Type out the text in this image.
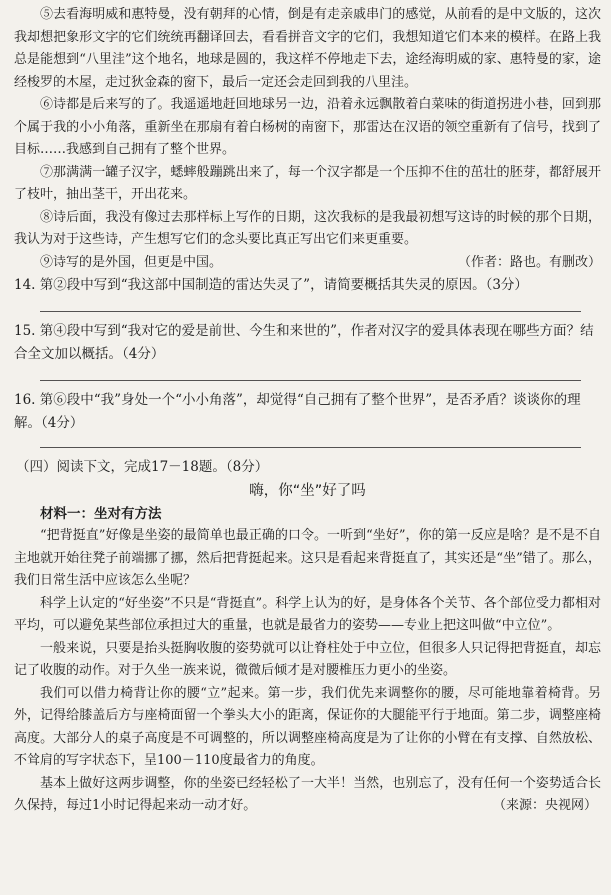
⑤去看海明威和惠特曼，没有朝拜的心情，倒是有走亲戚串门的感觉，从前看的是中文版的，这次我却想把象形文字的它们统统再翻译回去，看看拼音文字的它们，我想知道它们本来的模样。在路上我总是能想到“八里洼”这个地名，地球是圆的，我这样不停地走下去，途经海明威的家、惠特曼的家，途经梭罗的木屋，走过狄金森的窗下，最后一定还会走回到我的八里洼。

⑥诗都是后来写的了。我遥遥地赶回地球另一边，沿着永远飘散着白菜味的街道拐进小巷，回到那个属于我的小小角落，重新坐在那扇有着白杨树的南窗下，那雷达在汉语的领空重新有了信号，找到了目标……我感到自己拥有了整个世界。

⑦那满满一罐子汉字，蟋蟀般蹦跳出来了，每一个汉字都是一个压抑不住的茁壮的胚芽，都舒展开了枝叶，抽出茎干，开出花来。

⑧诗后面，我没有像过去那样标上写作的日期，这次我标的是我最初想写这诗的时候的那个日期，我认为对于这些诗，产生想写它们的念头要比真正写出它们来更重要。

⑨诗写的是外国，但更是中国。	（作者：路也。有删改）

14. 第②段中写到“我这部中国制造的雷达失灵了”，请简要概括其失灵的原因。（3分）

15. 第④段中写到“我对它的爱是前世、今生和来世的”，作者对汉字的爱具体表现在哪些方面？结合全文加以概括。（4分）

16. 第⑥段中“我”身处一个“小小角落”，却觉得“自己拥有了整个世界”，是否矛盾？谈谈你的理解。（4分）

（四）阅读下文，完成17－18题。（8分）

嗨，你“坐”好了吗

材料一：坐对有方法

“把背挺直”好像是坐姿的最简单也最正确的口令。一听到“坐好”，你的第一反应是啥？是不是不自主地就开始往凳子前端挪了挪，然后把背挺起来。这只是看起来背挺直了，其实还是“坐”错了。那么，我们日常生活中应该怎么坐呢？

科学上认定的“好坐姿”不只是“背挺直”。科学上认为的好，是身体各个关节、各个部位受力都相对平均，可以避免某些部位承担过大的重量，也就是最省力的姿势——专业上把这叫做“中立位”。

一般来说，只要是抬头挺胸收腹的姿势就可以让脊柱处于中立位，但很多人只记得把背挺直，却忘记了收腹的动作。对于久坐一族来说，微微后倾才是对腰椎压力更小的坐姿。

我们可以借力椅背让你的腰“立”起来。第一步，我们优先来调整你的腰，尽可能地靠着椅背。另外，记得给膝盖后方与座椅面留一个拳头大小的距离，保证你的大腿能平行于地面。第二步，调整座椅高度。大部分人的桌子高度是不可调整的，所以调整座椅高度是为了让你的小臂在有支撑、自然放松、不耸肩的写字状态下，呈100－110度最省力的角度。

基本上做好这两步调整，你的坐姿已经轻松了一大半！当然，也别忘了，没有任何一个姿势适合长久保持，每过1小时记得起来动一动才好。	（来源：央视网）
